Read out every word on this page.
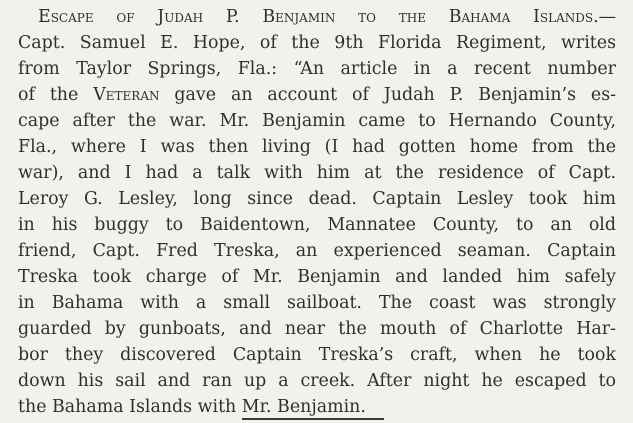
Escape of Judah P. Benjamin to the Bahama Islands.—
Capt. Samuel E. Hope, of the 9th Florida Regiment, writes
from Taylor Springs, Fla.: “An article in a recent number
of the Veteran gave an account of Judah P. Benjamin’s es-
cape after the war. Mr. Benjamin came to Hernando County,
Fla., where I was then living (I had gotten home from the
war), and I had a talk with him at the residence of Capt.
Leroy G. Lesley, long since dead. Captain Lesley took him
in his buggy to Baidentown, Mannatee County, to an old
friend, Capt. Fred Treska, an experienced seaman. Captain
Treska took charge of Mr. Benjamin and landed him safely
in Bahama with a small sailboat. The coast was strongly
guarded by gunboats, and near the mouth of Charlotte Har-
bor they discovered Captain Treska’s craft, when he took
down his sail and ran up a creek. After night he escaped to
the Bahama Islands with Mr. Benjamin.
